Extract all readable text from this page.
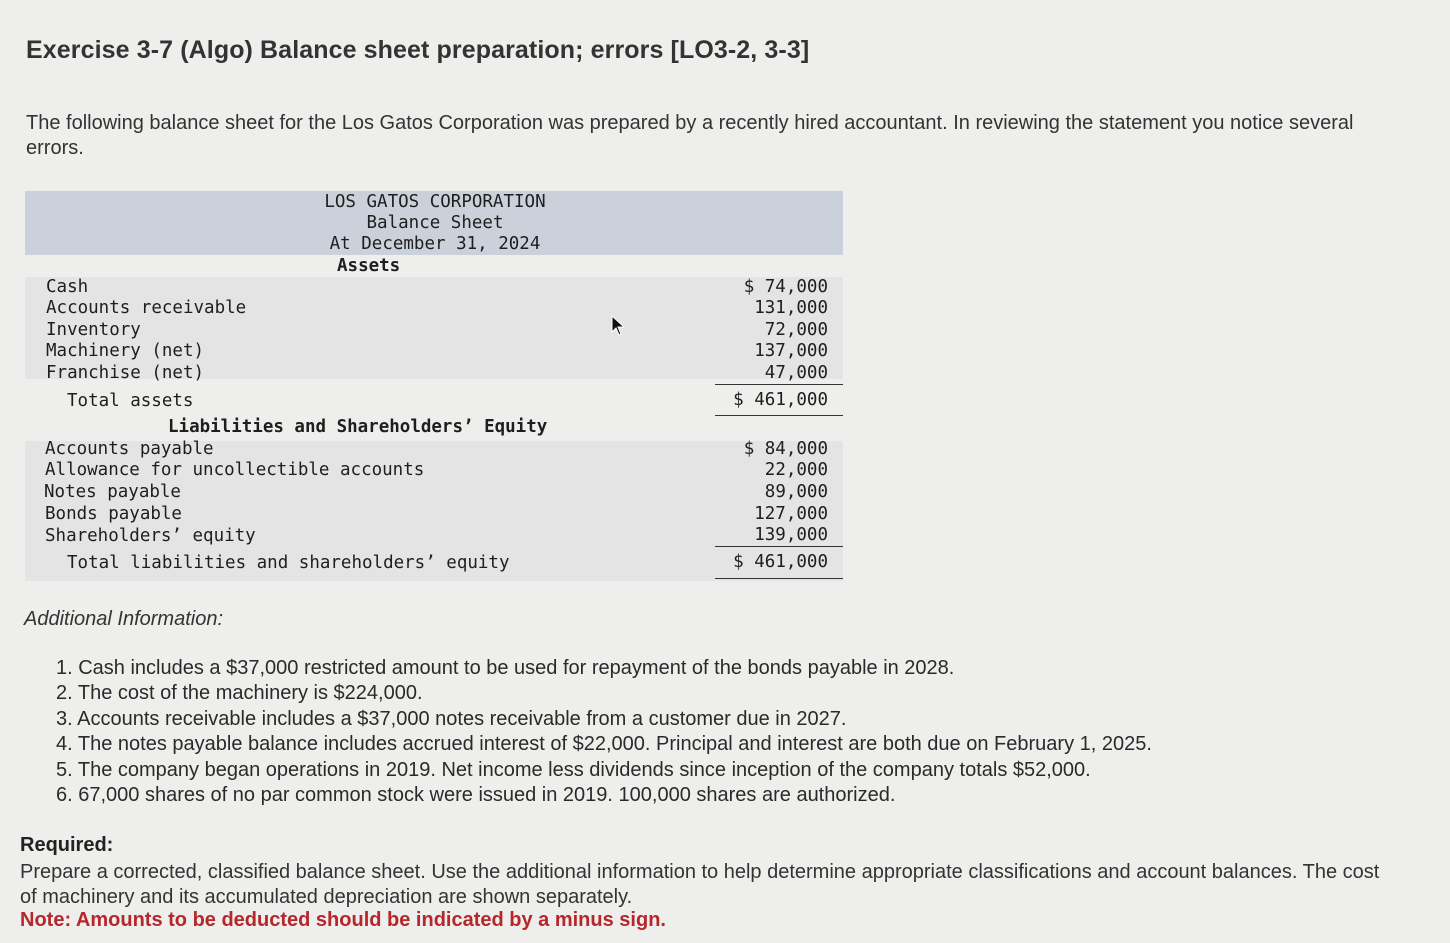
Exercise 3-7 (Algo) Balance sheet preparation; errors [LO3-2, 3-3]
The following balance sheet for the Los Gatos Corporation was prepared by a recently hired accountant. In reviewing the statement you notice several errors.
LOS GATOS CORPORATION
Balance Sheet
At December 31, 2024
Assets
Cash	$ 74,000
Accounts receivable	131,000
Inventory	72,000
Machinery (net)	137,000
Franchise (net)	47,000
Total assets	$ 461,000
Liabilities and Shareholders’ Equity
Accounts payable	$ 84,000
Allowance for uncollectible accounts	22,000
Notes payable	89,000
Bonds payable	127,000
Shareholders’ equity	139,000
Total liabilities and shareholders’ equity	$ 461,000
Additional Information:
1. Cash includes a $37,000 restricted amount to be used for repayment of the bonds payable in 2028.
2. The cost of the machinery is $224,000.
3. Accounts receivable includes a $37,000 notes receivable from a customer due in 2027.
4. The notes payable balance includes accrued interest of $22,000. Principal and interest are both due on February 1, 2025.
5. The company began operations in 2019. Net income less dividends since inception of the company totals $52,000.
6. 67,000 shares of no par common stock were issued in 2019. 100,000 shares are authorized.
Required:
Prepare a corrected, classified balance sheet. Use the additional information to help determine appropriate classifications and account balances. The cost of machinery and its accumulated depreciation are shown separately.
Note: Amounts to be deducted should be indicated by a minus sign.
